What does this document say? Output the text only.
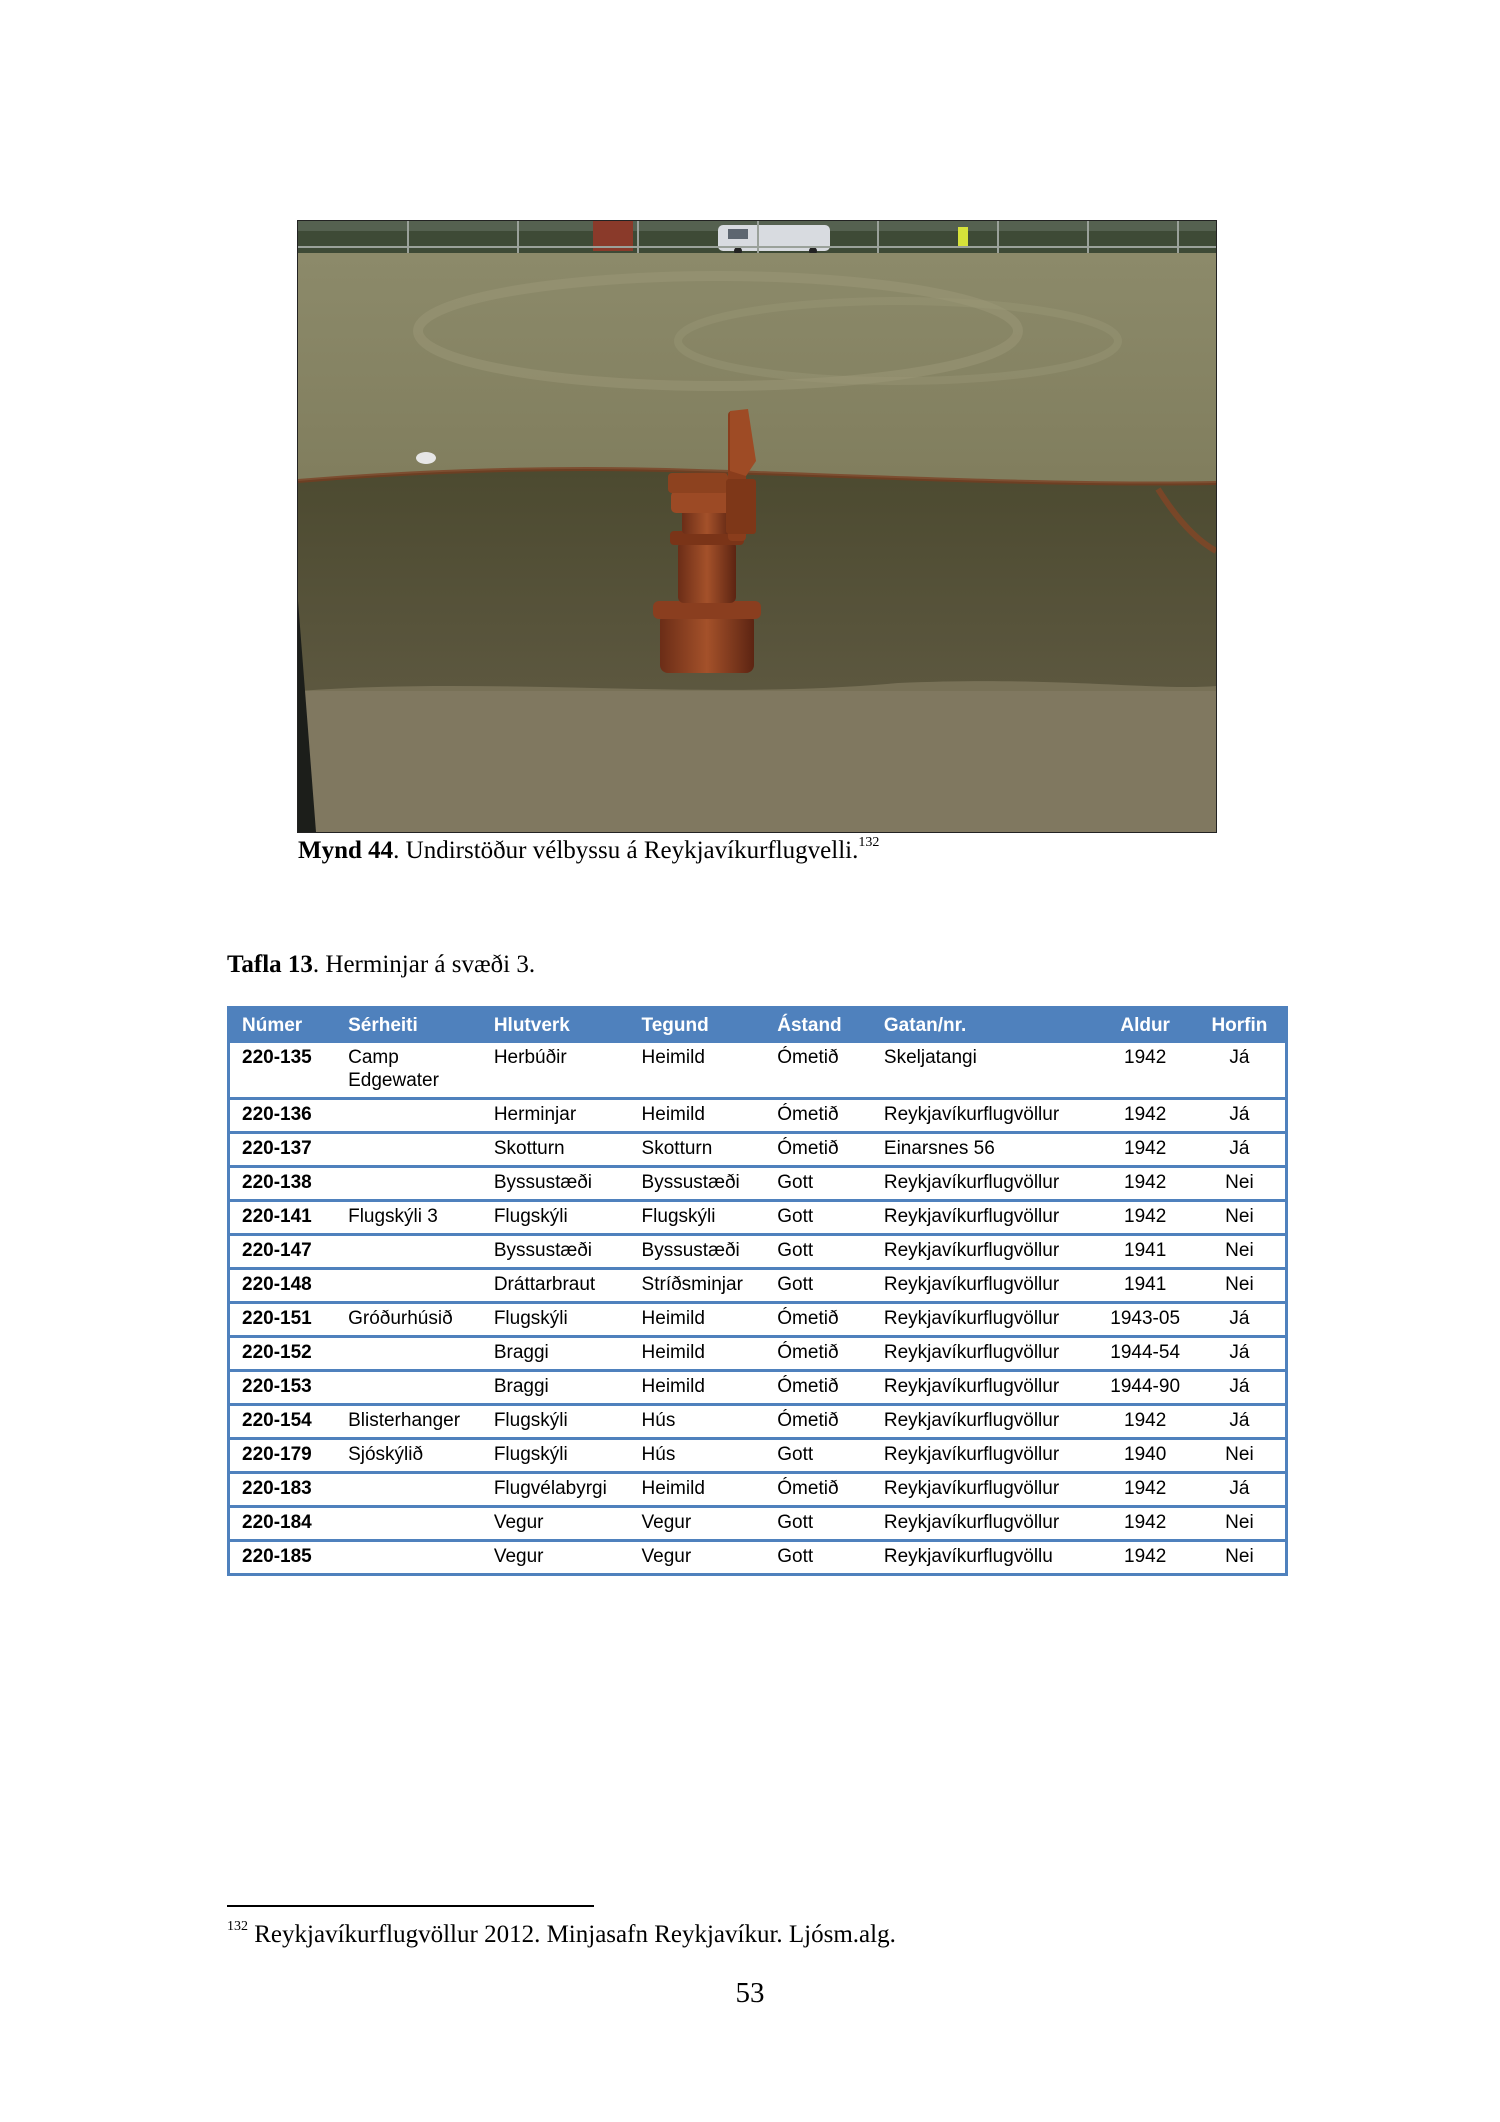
Mynd 44. Undirstöður vélbyssu á Reykjavíkurflugvelli.$^{132}$
Tafla 13. Herminjar á svæði 3.
Númer	Sérheiti	Hlutverk	Tegund	Ástand	Gatan/nr.	Aldur	Horfin
220-135	Camp Edgewater	Herbúðir	Heimild	Ómetið	Skeljatangi	1942	Já
220-136		Herminjar	Heimild	Ómetið	Reykjavíkurflugvöllur	1942	Já
220-137		Skotturn	Skotturn	Ómetið	Einarsnes 56	1942	Já
220-138		Byssustæði	Byssustæði	Gott	Reykjavíkurflugvöllur	1942	Nei
220-141	Flugskýli 3	Flugskýli	Flugskýli	Gott	Reykjavíkurflugvöllur	1942	Nei
220-147		Byssustæði	Byssustæði	Gott	Reykjavíkurflugvöllur	1941	Nei
220-148		Dráttarbraut	Stríðsminjar	Gott	Reykjavíkurflugvöllur	1941	Nei
220-151	Gróðurhúsið	Flugskýli	Heimild	Ómetið	Reykjavíkurflugvöllur	1943-05	Já
220-152		Braggi	Heimild	Ómetið	Reykjavíkurflugvöllur	1944-54	Já
220-153		Braggi	Heimild	Ómetið	Reykjavíkurflugvöllur	1944-90	Já
220-154	Blisterhanger	Flugskýli	Hús	Ómetið	Reykjavíkurflugvöllur	1942	Já
220-179	Sjóskýlið	Flugskýli	Hús	Gott	Reykjavíkurflugvöllur	1940	Nei
220-183		Flugvélabyrgi	Heimild	Ómetið	Reykjavíkurflugvöllur	1942	Já
220-184		Vegur	Vegur	Gott	Reykjavíkurflugvöllur	1942	Nei
220-185		Vegur	Vegur	Gott	Reykjavíkurflugvöllu	1942	Nei
$^{132}$ Reykjavíkurflugvöllur 2012. Minjasafn Reykjavíkur. Ljósm.alg.
53
